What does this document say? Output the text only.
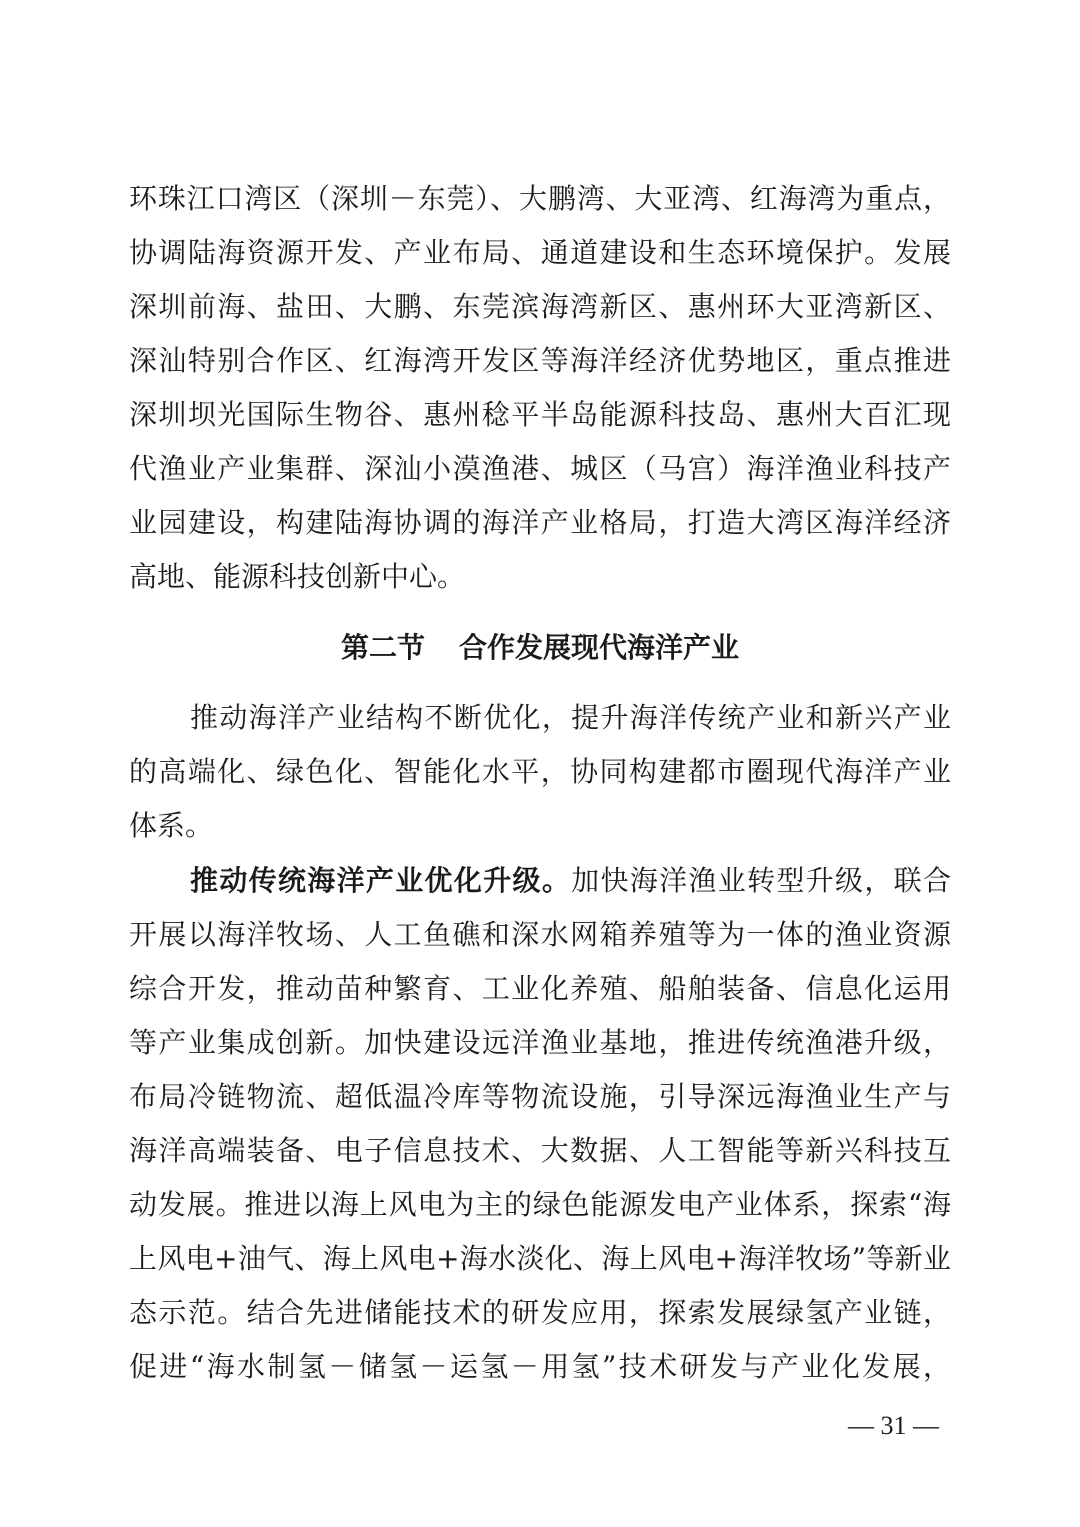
环珠江口湾区（深圳－东莞）、大鹏湾、大亚湾、红海湾为重点，
协调陆海资源开发、产业布局、通道建设和生态环境保护。发展
深圳前海、盐田、大鹏、东莞滨海湾新区、惠州环大亚湾新区、
深汕特别合作区、红海湾开发区等海洋经济优势地区，重点推进
深圳坝光国际生物谷、惠州稔平半岛能源科技岛、惠州大百汇现
代渔业产业集群、深汕小漠渔港、城区（马宫）海洋渔业科技产
业园建设，构建陆海协调的海洋产业格局，打造大湾区海洋经济
高地、能源科技创新中心。
第二节 合作发展现代海洋产业
推动海洋产业结构不断优化，提升海洋传统产业和新兴产业
的高端化、绿色化、智能化水平，协同构建都市圈现代海洋产业
体系。
推动传统海洋产业优化升级。加快海洋渔业转型升级，联合
开展以海洋牧场、人工鱼礁和深水网箱养殖等为一体的渔业资源
综合开发，推动苗种繁育、工业化养殖、船舶装备、信息化运用
等产业集成创新。加快建设远洋渔业基地，推进传统渔港升级，
布局冷链物流、超低温冷库等物流设施，引导深远海渔业生产与
海洋高端装备、电子信息技术、大数据、人工智能等新兴科技互
动发展。推进以海上风电为主的绿色能源发电产业体系，探索“海
上风电+油气、海上风电+海水淡化、海上风电+海洋牧场”等新业
态示范。结合先进储能技术的研发应用，探索发展绿氢产业链，
促进“海水制氢－储氢－运氢－用氢”技术研发与产业化发展，
— 31 —
